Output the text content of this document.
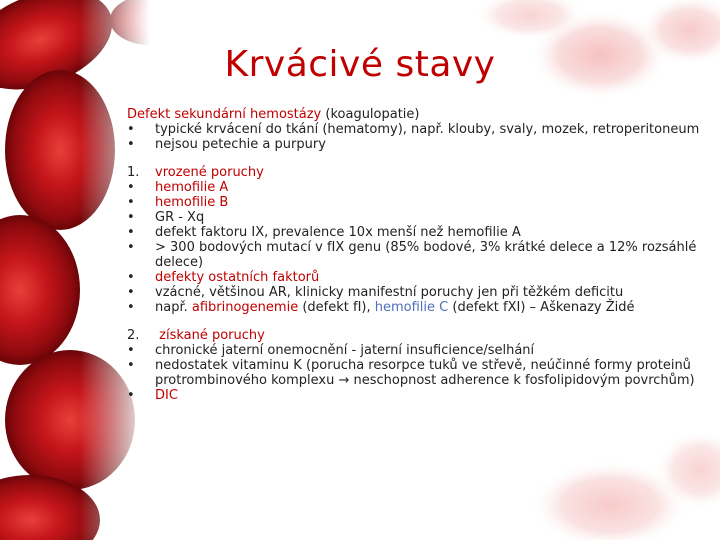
Krvácivé stavy
Defekt sekundární hemostázy (koagulopatie)
•	typické krvácení do tkání (hematomy), např. klouby, svaly, mozek, retroperitoneum
•	nejsou petechie a purpury
1.	vrozené poruchy
•	hemofilie A
•	hemofilie B
•	GR - Xq
•	defekt faktoru IX, prevalence 10x menší než hemofilie A
•	> 300 bodových mutací v fIX genu (85% bodové, 3% krátké delece a 12% rozsáhlé delece)
•	defekty ostatních faktorů
•	vzácné, většinou AR, klinicky manifestní poruchy jen při těžkém deficitu
•	např. afibrinogenemie (defekt fI), hemofilie C (defekt fXI) – Aškenazy Židé
2.	získané poruchy
•	chronické jaterní onemocnění - jaterní insuficience/selhání
•	nedostatek vitaminu K (porucha resorpce tuků ve střevě, neúčinné formy proteinů protrombinového komplexu → neschopnost adherence k fosfolipidovým povrchům)
•	DIC
